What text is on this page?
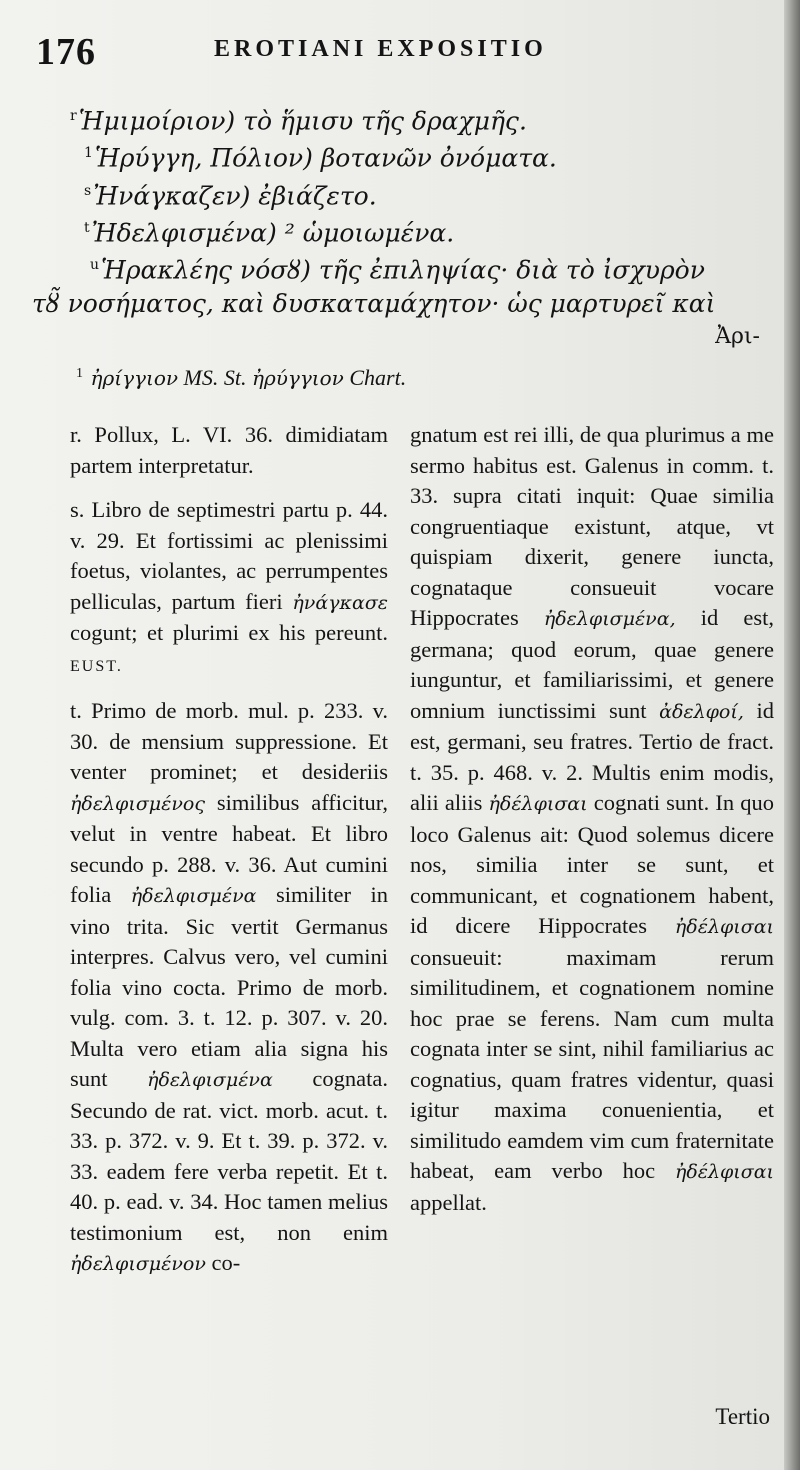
176	EROTIANI EXPOSITIO
$^r$Ἡμιμοίριον) τὸ ἥμισυ τῆς δραχμῆς.
$^1$Ἡρύγγη, Πόλιον) βοτανῶν ὀνόματα.
$^s$Ἠνάγκαζεν) ἐβιάζετο.
$^t$Ἠδελφισμένα) ² ὡμοιωμένα.
$^u$Ἡρακλέης νόσȣ) τῆς ἐπιληψίας· διὰ τὸ ἰσχυρὸν
τȣ̃ νοσήματος, καὶ δυσκαταμάχητον· ὡς μαρτυρεῖ καὶ
Ἀρι-
$^1$ ἠρίγγιον MS. St. ἠρύγγιον Chart.

r. Pollux, L. VI. 36. dimidiatam partem interpretatur.

s. Libro de septimestri partu p. 44. v. 29. Et fortissimi ac plenissimi foetus, violantes, ac perrumpentes pelliculas, partum fieri ἠνάγκασε cogunt; et plurimi ex his pereunt. EUST.

t. Primo de morb. mul. p. 233. v. 30. de mensium suppressione. Et venter prominet; et desideriis ἠδελφισμένος similibus afficitur, velut in ventre habeat. Et libro secundo p. 288. v. 36. Aut cumini folia ἠδελφισμένα similiter in vino trita. Sic vertit Germanus interpres. Calvus vero, vel cumini folia vino cocta. Primo de morb. vulg. com. 3. t. 12. p. 307. v. 20. Multa vero etiam alia signa his sunt ἠδελφισμένα cognata. Secundo de rat. vict. morb. acut. t. 33. p. 372. v. 9. Et t. 39. p. 372. v. 33. eadem fere verba repetit. Et t. 40. p. ead. v. 34. Hoc tamen melius testimonium est, non enim ἠδελφισμένον co-

gnatum est rei illi, de qua plurimus a me sermo habitus est. Galenus in comm. t. 33. supra citati inquit: Quae similia congruentiaque existunt, atque, vt quispiam dixerit, genere iuncta, cognataque consueuit vocare Hippocrates ἠδελφισμένα, id est, germana; quod eorum, quae genere iunguntur, et familiarissimi, et genere omnium iunctissimi sunt ἀδελφοί, id est, germani, seu fratres. Tertio de fract. t. 35. p. 468. v. 2. Multis enim modis, alii aliis ἠδέλφισαι cognati sunt. In quo loco Galenus ait: Quod solemus dicere nos, similia inter se sunt, et communicant, et cognationem habent, id dicere Hippocrates ἠδέλφισαι consueuit: maximam rerum similitudinem, et cognationem nomine hoc prae se ferens. Nam cum multa cognata inter se sint, nihil familiarius ac cognatius, quam fratres videntur, quasi igitur maxima conuenientia, et similitudo eamdem vim cum fraternitate habeat, eam verbo hoc ἠδέλφισαι appellat.

Tertio
